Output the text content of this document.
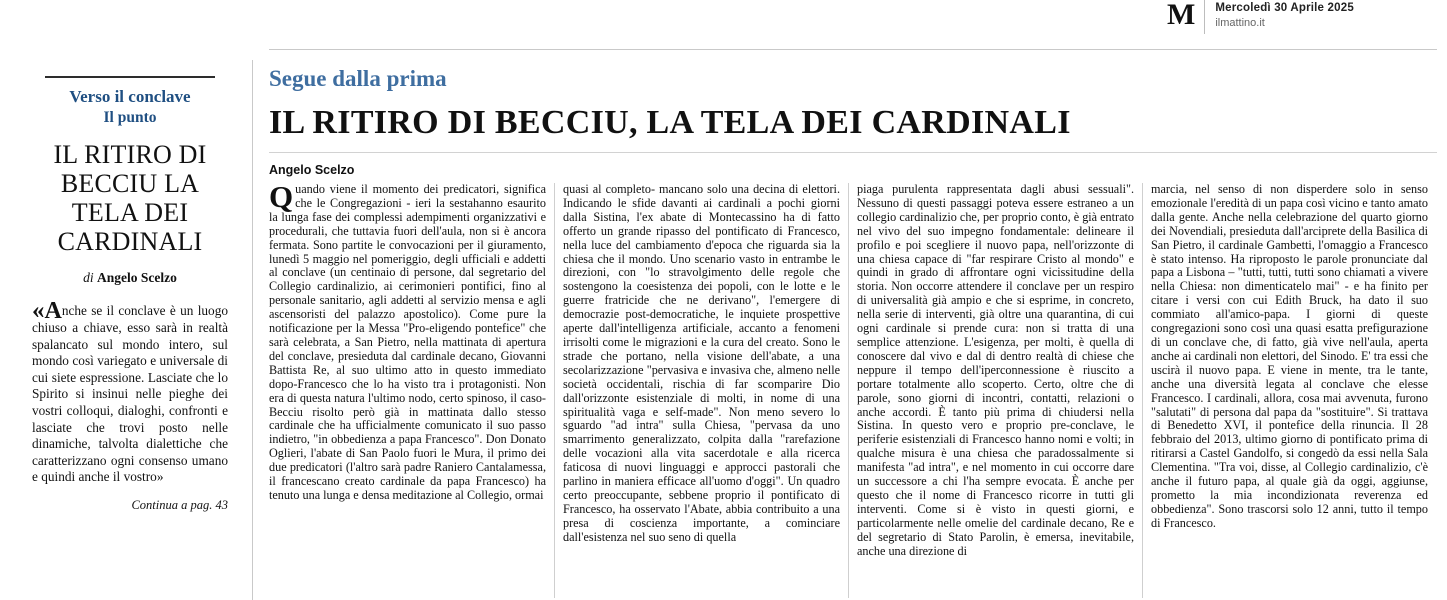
M	Mercoledì 30 Aprile 2025
ilmattino.it
Verso il conclave
Il punto
IL RITIRO DI BECCIU LA TELA DEI CARDINALI
di Angelo Scelzo
«Anche se il conclave è un luogo chiuso a chiave, esso sarà in realtà spalancato sul mondo intero, sul mondo così variegato e universale di cui siete espressione. Lasciate che lo Spirito si insinui nelle pieghe dei vostri colloqui, dialoghi, confronti e lasciate che trovi posto nelle dinamiche, talvolta dialettiche che caratterizzano ogni consenso umano e quindi anche il vostro»
Continua a pag. 43
Segue dalla prima
IL RITIRO DI BECCIU, LA TELA DEI CARDINALI
Angelo Scelzo
Quando viene il momento dei predicatori, significa che le Congregazioni - ieri la sestahanno esaurito la lunga fase dei complessi adempimenti organizzativi e procedurali, che tuttavia fuori dell'aula, non si è ancora fermata. Sono partite le convocazioni per il giuramento, lunedì 5 maggio nel pomeriggio, degli ufficiali e addetti al conclave (un centinaio di persone, dal segretario del Collegio cardinalizio, ai cerimonieri pontifici, fino al personale sanitario, agli addetti al servizio mensa e agli ascensoristi del palazzo apostolico). Come pure la notificazione per la Messa "Pro-eligendo pontefice" che sarà celebrata, a San Pietro, nella mattinata di apertura del conclave, presieduta dal cardinale decano, Giovanni Battista Re, al suo ultimo atto in questo immediato dopo-Francesco che lo ha visto tra i protagonisti. Non era di questa natura l'ultimo nodo, certo spinoso, il caso-Becciu risolto però già in mattinata dallo stesso cardinale che ha ufficialmente comunicato il suo passo indietro, "in obbedienza a papa Francesco". Don Donato Oglieri, l'abate di San Paolo fuori le Mura, il primo dei due predicatori (l'altro sarà padre Raniero Cantalamessa, il francescano creato cardinale da papa Francesco) ha tenuto una lunga e densa meditazione al Collegio, ormai
quasi al completo- mancano solo una decina di elettori. Indicando le sfide davanti ai cardinali a pochi giorni dalla Sistina, l'ex abate di Montecassino ha di fatto offerto un grande ripasso del pontificato di Francesco, nella luce del cambiamento d'epoca che riguarda sia la chiesa che il mondo. Uno scenario vasto in entrambe le direzioni, con "lo stravolgimento delle regole che sostengono la coesistenza dei popoli, con le lotte e le guerre fratricide che ne derivano", l'emergere di democrazie post-democratiche, le inquiete prospettive aperte dall'intelligenza artificiale, accanto a fenomeni irrisolti come le migrazioni e la cura del creato. Sono le strade che portano, nella visione dell'abate, a una secolarizzazione "pervasiva e invasiva che, almeno nelle società occidentali, rischia di far scomparire Dio dall'orizzonte esistenziale di molti, in nome di una spiritualità vaga e self-made". Non meno severo lo sguardo "ad intra" sulla Chiesa, "pervasa da uno smarrimento generalizzato, colpita dalla "rarefazione delle vocazioni alla vita sacerdotale e alla ricerca faticosa di nuovi linguaggi e approcci pastorali che parlino in maniera efficace all'uomo d'oggi". Un quadro certo preoccupante, sebbene proprio il pontificato di Francesco, ha osservato l'Abate, abbia contribuito a una presa di coscienza importante, a cominciare dall'esistenza nel suo seno di quella
piaga purulenta rappresentata dagli abusi sessuali". Nessuno di questi passaggi poteva essere estraneo a un collegio cardinalizio che, per proprio conto, è già entrato nel vivo del suo impegno fondamentale: delineare il profilo e poi scegliere il nuovo papa, nell'orizzonte di una chiesa capace di "far respirare Cristo al mondo" e quindi in grado di affrontare ogni vicissitudine della storia. Non occorre attendere il conclave per un respiro di universalità già ampio e che si esprime, in concreto, nella serie di interventi, già oltre una quarantina, di cui ogni cardinale si prende cura: non si tratta di una semplice attenzione. L'esigenza, per molti, è quella di conoscere dal vivo e dal di dentro realtà di chiese che neppure il tempo dell'iperconnessione è riuscito a portare totalmente allo scoperto. Certo, oltre che di parole, sono giorni di incontri, contatti, relazioni o anche accordi. È tanto più prima di chiudersi nella Sistina. In questo vero e proprio pre-conclave, le periferie esistenziali di Francesco hanno nomi e volti; in qualche misura è una chiesa che paradossalmente si manifesta "ad intra", e nel momento in cui occorre dare un successore a chi l'ha sempre evocata. È anche per questo che il nome di Francesco ricorre in tutti gli interventi. Come si è visto in questi giorni, e particolarmente nelle omelie del cardinale decano, Re e del segretario di Stato Parolin, è emersa, inevitabile, anche una direzione di
marcia, nel senso di non disperdere solo in senso emozionale l'eredità di un papa così vicino e tanto amato dalla gente. Anche nella celebrazione del quarto giorno dei Novendiali, presieduta dall'arciprete della Basilica di San Pietro, il cardinale Gambetti, l'omaggio a Francesco è stato intenso. Ha riproposto le parole pronunciate dal papa a Lisbona – "tutti, tutti, tutti sono chiamati a vivere nella Chiesa: non dimenticatelo mai" - e ha finito per citare i versi con cui Edith Bruck, ha dato il suo commiato all'amico-papa. I giorni di queste congregazioni sono così una quasi esatta prefigurazione di un conclave che, di fatto, già vive nell'aula, aperta anche ai cardinali non elettori, del Sinodo. E' tra essi che uscirà il nuovo papa. E viene in mente, tra le tante, anche una diversità legata al conclave che elesse Francesco. I cardinali, allora, cosa mai avvenuta, furono "salutati" di persona dal papa da "sostituire". Si trattava di Benedetto XVI, il pontefice della rinuncia. Il 28 febbraio del 2013, ultimo giorno di pontificato prima di ritirarsi a Castel Gandolfo, si congedò da essi nella Sala Clementina. "Tra voi, disse, al Collegio cardinalizio, c'è anche il futuro papa, al quale già da oggi, aggiunse, prometto la mia incondizionata reverenza ed obbedienza". Sono trascorsi solo 12 anni, tutto il tempo di Francesco.
